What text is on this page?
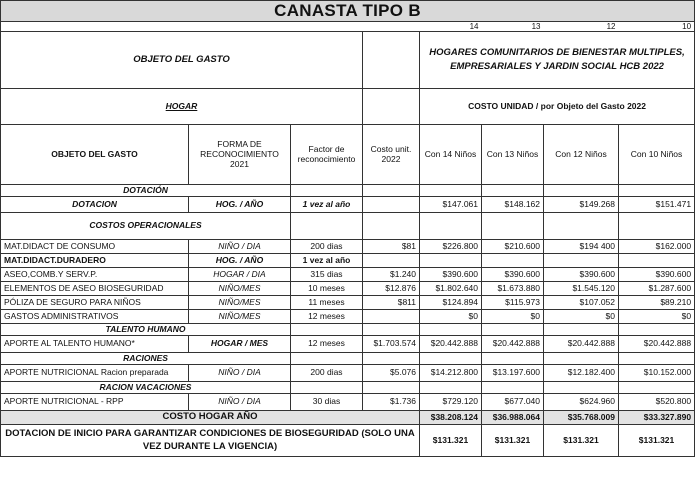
CANASTA TIPO B							
				14	13	12	10
OBJETO DEL GASTO				HOGARES COMUNITARIOS DE BIENESTAR MULTIPLES, EMPRESARIALES Y JARDIN SOCIAL HCB 2022			
HOGAR				COSTO UNIDAD / por Objeto del Gasto 2022			
OBJETO DEL GASTO	FORMA DE RECONOCIMIENTO 2021	Factor de reconocimiento	Costo unit. 2022	Con 14 Niños	Con 13 Niños	Con 12 Niños	Con 10 Niños
DOTACIÓN							
DOTACION	HOG. / AÑO	1 vez al año		$147.061	$148.162	$149.268	$151.471
COSTOS OPERACIONALES							
MAT.DIDACT DE CONSUMO	NIÑO / DIA	200 dias	$81	$226.800	$210.600	$194 400	$162.000
MAT.DIDACT.DURADERO	HOG. / AÑO	1 vez al año					
ASEO,COMB.Y SERV.P.	HOGAR / DIA	315 dias	$1.240	$390.600	$390.600	$390.600	$390.600
ELEMENTOS DE ASEO BIOSEGURIDAD	NIÑO/MES	10 meses	$12.876	$1.802.640	$1.673.880	$1.545.120	$1.287.600
PÓLIZA DE SEGURO PARA NIÑOS	NIÑO/MES	11 meses	$811	$124.894	$115.973	$107.052	$89.210
GASTOS ADMINISTRATIVOS	NIÑO/MES	12 meses		$0	$0	$0	$0
TALENTO HUMANO							
APORTE AL TALENTO HUMANO*	HOGAR / MES	12 meses	$1.703.574	$20.442.888	$20.442.888	$20.442.888	$20.442.888
RACIONES							
APORTE NUTRICIONAL Racion preparada	NIÑO / DIA	200 dias	$5.076	$14.212.800	$13.197.600	$12.182.400	$10.152.000
RACION VACACIONES							
APORTE NUTRICIONAL - RPP	NIÑO / DIA	30 dias	$1.736	$729.120	$677.040	$624.960	$520.800
COSTO HOGAR AÑO				$38.208.124	$36.988.064	$35.768.009	$33.327.890
DOTACION DE INICIO PARA GARANTIZAR CONDICIONES DE BIOSEGURIDAD (SOLO UNA VEZ DURANTE LA VIGENCIA)				$131.321	$131.321	$131.321	$131.321
